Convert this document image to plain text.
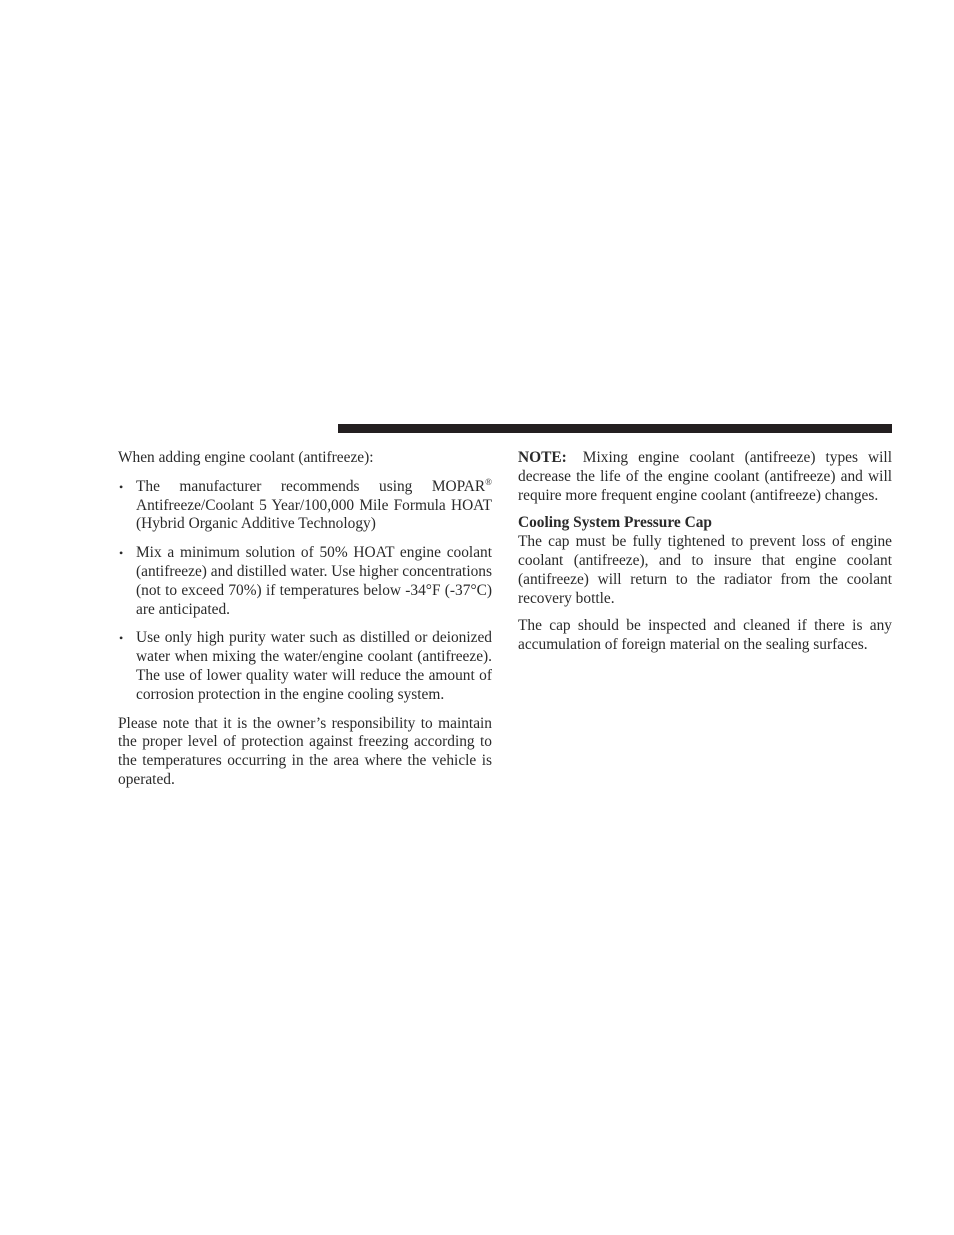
When adding engine coolant (antifreeze):

• The manufacturer recommends using MOPAR® Antifreeze/Coolant 5 Year/100,000 Mile Formula HOAT (Hybrid Organic Additive Technology)
• Mix a minimum solution of 50% HOAT engine coolant (antifreeze) and distilled water. Use higher concentrations (not to exceed 70%) if temperatures below -34°F (-37°C) are anticipated.
• Use only high purity water such as distilled or deionized water when mixing the water/engine coolant (antifreeze). The use of lower quality water will reduce the amount of corrosion protection in the engine cooling system.

Please note that it is the owner’s responsibility to maintain the proper level of protection against freezing according to the temperatures occurring in the area where the vehicle is operated.

NOTE: Mixing engine coolant (antifreeze) types will decrease the life of the engine coolant (antifreeze) and will require more frequent engine coolant (antifreeze) changes.

Cooling System Pressure Cap

The cap must be fully tightened to prevent loss of engine coolant (antifreeze), and to insure that engine coolant (antifreeze) will return to the radiator from the coolant recovery bottle.

The cap should be inspected and cleaned if there is any accumulation of foreign material on the sealing surfaces.
